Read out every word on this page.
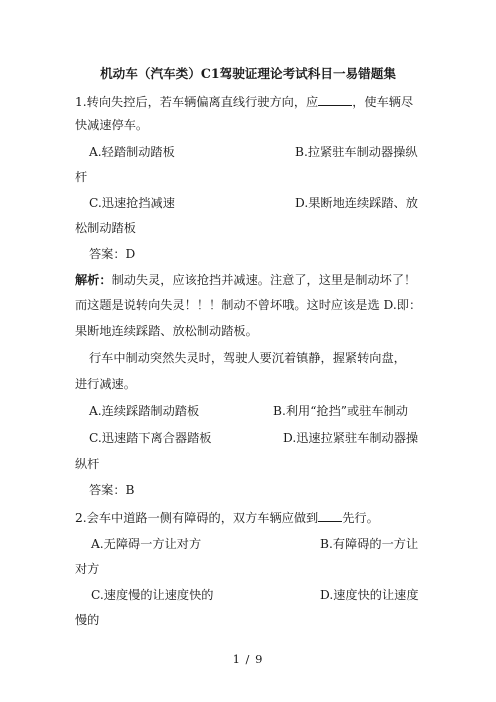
机动车（汽车类）C1驾驶证理论考试科目一易错题集
1.转向失控后，若车辆偏离直线行驶方向，应	，使车辆尽
快减速停车。
A.轻踏制动踏板	B.拉紧驻车制动器操纵
杆
C.迅速抢挡减速	D.果断地连续踩踏、放
松制动踏板
答案：D
解析：制动失灵，应该抢挡并减速。注意了，这里是制动坏了！
而这题是说转向失灵！！！制动不曾坏哦。这时应该是选 D.即：
果断地连续踩踏、放松制动踏板。
行车中制动突然失灵时，驾驶人要沉着镇静，握紧转向盘，
进行减速。
A.连续踩踏制动踏板	B.利用“抢挡”或驻车制动
C.迅速踏下离合器踏板	D.迅速拉紧驻车制动器操
纵杆
答案：B
2.会车中道路一侧有障碍的，双方车辆应做到 先行。
A.无障碍一方让对方	B.有障碍的一方让
对方
C.速度慢的让速度快的	D.速度快的让速度
慢的
1 / 9
